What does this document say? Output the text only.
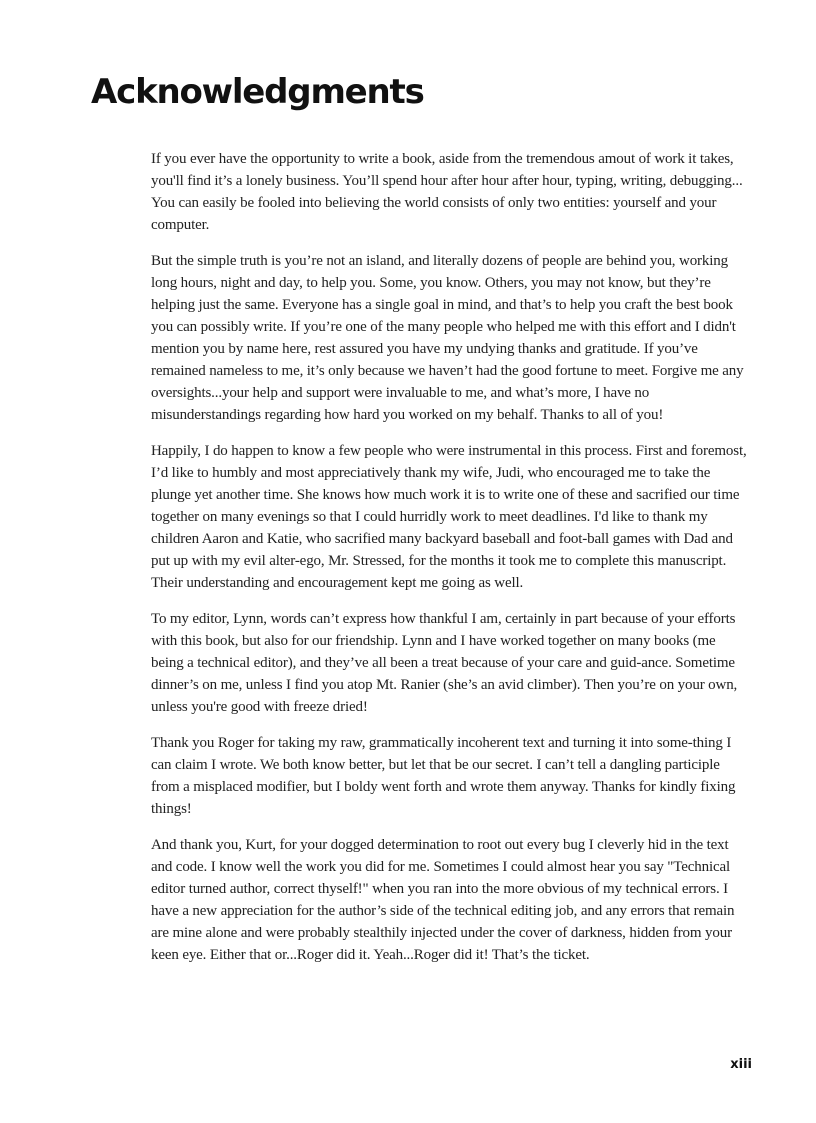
Acknowledgments

If you ever have the opportunity to write a book, aside from the tremendous amout of work it takes, you'll find it’s a lonely business. You’ll spend hour after hour after hour, typing, writing, debugging... You can easily be fooled into believing the world consists of only two entities: yourself and your computer.

But the simple truth is you’re not an island, and literally dozens of people are behind you, working long hours, night and day, to help you. Some, you know. Others, you may not know, but they’re helping just the same. Everyone has a single goal in mind, and that’s to help you craft the best book you can possibly write. If you’re one of the many people who helped me with this effort and I didn't mention you by name here, rest assured you have my undying thanks and gratitude. If you’ve remained nameless to me, it’s only because we haven’t had the good fortune to meet. Forgive me any oversights...your help and support were invaluable to me, and what’s more, I have no misunderstandings regarding how hard you worked on my behalf. Thanks to all of you!

Happily, I do happen to know a few people who were instrumental in this process. First and foremost, I’d like to humbly and most appreciatively thank my wife, Judi, who encouraged me to take the plunge yet another time. She knows how much work it is to write one of these and sacrified our time together on many evenings so that I could hurridly work to meet deadlines. I'd like to thank my children Aaron and Katie, who sacrified many backyard baseball and foot-ball games with Dad and put up with my evil alter-ego, Mr. Stressed, for the months it took me to complete this manuscript. Their understanding and encouragement kept me going as well.

To my editor, Lynn, words can’t express how thankful I am, certainly in part because of your efforts with this book, but also for our friendship. Lynn and I have worked together on many books (me being a technical editor), and they’ve all been a treat because of your care and guid-ance. Sometime dinner’s on me, unless I find you atop Mt. Ranier (she’s an avid climber). Then you’re on your own, unless you're good with freeze dried!

Thank you Roger for taking my raw, grammatically incoherent text and turning it into some-thing I can claim I wrote. We both know better, but let that be our secret. I can’t tell a dangling participle from a misplaced modifier, but I boldy went forth and wrote them anyway. Thanks for kindly fixing things!

And thank you, Kurt, for your dogged determination to root out every bug I cleverly hid in the text and code. I know well the work you did for me. Sometimes I could almost hear you say "Technical editor turned author, correct thyself!" when you ran into the more obvious of my technical errors. I have a new appreciation for the author’s side of the technical editing job, and any errors that remain are mine alone and were probably stealthily injected under the cover of darkness, hidden from your keen eye. Either that or...Roger did it. Yeah...Roger did it! That’s the ticket.

xiii
